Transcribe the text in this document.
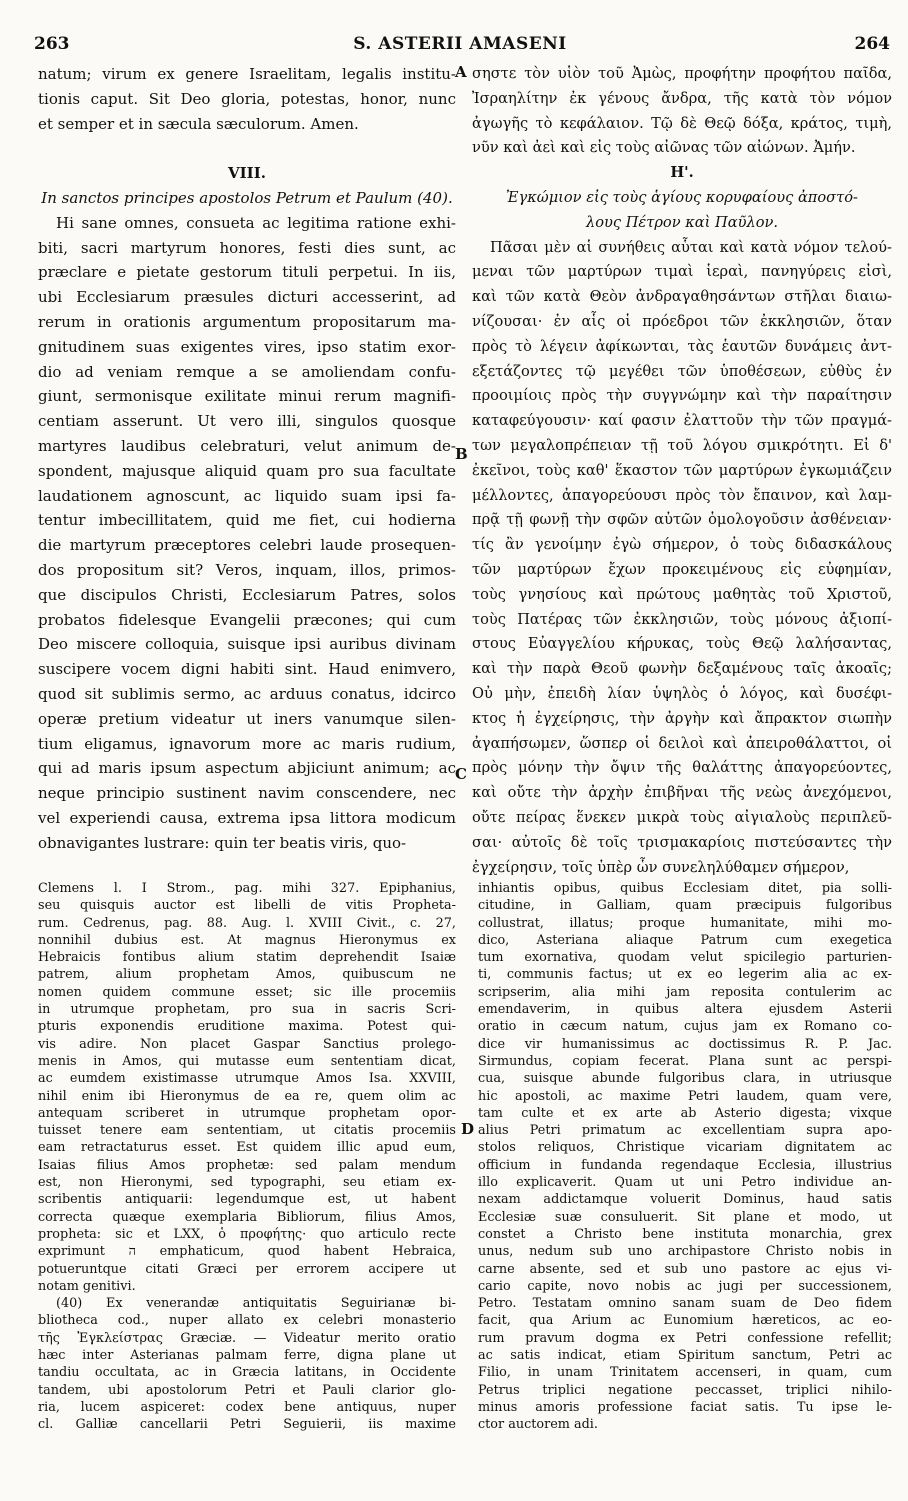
263	S. ASTERII AMASENI	264
natum; virum ex genere Israelitam, legalis institu-
tionis caput. Sit Deo gloria, potestas, honor, nunc
et semper et in sæcula sæculorum. Amen.
VIII.
In sanctos principes apostolos Petrum et Paulum (40).
Hi sane omnes, consueta ac legitima ratione exhi-
biti, sacri martyrum honores, festi dies sunt, ac
præclare e pietate gestorum tituli perpetui. In iis,
ubi Ecclesiarum præsules dicturi accesserint, ad
rerum in orationis argumentum propositarum ma-
gnitudinem suas exigentes vires, ipso statim exor-
dio ad veniam remque a se amoliendam confu-
giunt, sermonisque exilitate minui rerum magnifi-
centiam asserunt. Ut vero illi, singulos quosque
martyres laudibus celebraturi, velut animum de-
spondent, majusque aliquid quam pro sua facultate
laudationem agnoscunt, ac liquido suam ipsi fa-
tentur imbecillitatem, quid me fiet, cui hodierna
die martyrum præceptores celebri laude prosequen-
dos propositum sit? Veros, inquam, illos, primos-
que discipulos Christi, Ecclesiarum Patres, solos
probatos fidelesque Evangelii præcones; qui cum
Deo miscere colloquia, suisque ipsi auribus divinam
suscipere vocem digni habiti sint. Haud enimvero,
quod sit sublimis sermo, ac arduus conatus, idcirco
operæ pretium videatur ut iners vanumque silen-
tium eligamus, ignavorum more ac maris rudium,
qui ad maris ipsum aspectum abjiciunt animum; ac
neque principio sustinent navim conscendere, nec
vel experiendi causa, extrema ipsa littora modicum
obnavigantes lustrare: quin ter beatis viris, quo-
σηστε τὸν υἱὸν τοῦ Ἀμὼς, προφήτην προφήτου παῖδα,
Ἰσραηλίτην ἐκ γένους ἄνδρα, τῆς κατὰ τὸν νόμον
ἀγωγῆς τὸ κεφάλαιον. Τῷ δὲ Θεῷ δόξα, κράτος, τιμὴ,
νῦν καὶ ἀεὶ καὶ εἰς τοὺς αἰῶνας τῶν αἰώνων. Ἀμήν.
Η'.
Ἐγκώμιον εἰς τοὺς ἁγίους κορυφαίους ἀποστό-
λους Πέτρον καὶ Παῦλον.
Πᾶσαι μὲν αἱ συνήθεις αὗται καὶ κατὰ νόμον τελού-
μεναι τῶν μαρτύρων τιμαὶ ἱεραὶ, πανηγύρεις εἰσὶ,
καὶ τῶν κατὰ Θεὸν ἀνδραγαθησάντων στῆλαι διαιω-
νίζουσαι· ἐν αἷς οἱ πρόεδροι τῶν ἐκκλησιῶν, ὅταν
πρὸς τὸ λέγειν ἀφίκωνται, τὰς ἑαυτῶν δυνάμεις ἀντ-
εξετάζοντες τῷ μεγέθει τῶν ὑποθέσεων, εὐθὺς ἐν
προοιμίοις πρὸς τὴν συγγνώμην καὶ τὴν παραίτησιν
καταφεύγουσιν· καί φασιν ἐλαττοῦν τὴν τῶν πραγμά-
των μεγαλοπρέπειαν τῇ τοῦ λόγου σμικρότητι. Εἰ δ'
ἐκεῖνοι, τοὺς καθ' ἕκαστον τῶν μαρτύρων ἐγκωμιάζειν
μέλλοντες, ἀπαγορεύουσι πρὸς τὸν ἔπαινον, καὶ λαμ-
πρᾷ τῇ φωνῇ τὴν σφῶν αὐτῶν ὁμολογοῦσιν ἀσθένειαν·
τίς ἂν γενοίμην ἐγὼ σήμερον, ὁ τοὺς διδασκάλους
τῶν μαρτύρων ἔχων προκειμένους εἰς εὐφημίαν,
τοὺς γνησίους καὶ πρώτους μαθητὰς τοῦ Χριστοῦ,
τοὺς Πατέρας τῶν ἐκκλησιῶν, τοὺς μόνους ἀξιοπί-
στους Εὐαγγελίου κήρυκας, τοὺς Θεῷ λαλήσαντας,
καὶ τὴν παρὰ Θεοῦ φωνὴν δεξαμένους ταῖς ἀκοαῖς;
Οὐ μὴν, ἐπειδὴ λίαν ὑψηλὸς ὁ λόγος, καὶ δυσέφι-
κτος ἡ ἐγχείρησις, τὴν ἀργὴν καὶ ἄπρακτον σιωπὴν
ἀγαπήσωμεν, ὥσπερ οἱ δειλοὶ καὶ ἀπειροθάλαττοι, οἱ
πρὸς μόνην τὴν ὄψιν τῆς θαλάττης ἀπαγορεύοντες,
καὶ οὔτε τὴν ἀρχὴν ἐπιβῆναι τῆς νεὼς ἀνεχόμενοι,
οὔτε πείρας ἕνεκεν μικρὰ τοὺς αἰγιαλοὺς περιπλεῦ-
σαι· αὐτοῖς δὲ τοῖς τρισμακαρίοις πιστεύσαντες τὴν
ἐγχείρησιν, τοῖς ὑπὲρ ὧν συνεληλύθαμεν σήμερον,
A
B
C
D
Clemens l. I Strom., pag. mihi 327. Epiphanius,
seu quisquis auctor est libelli de vitis Propheta-
rum. Cedrenus, pag. 88. Aug. l. XVIII Civit., c. 27,
nonnihil dubius est. At magnus Hieronymus ex
Hebraicis fontibus alium statim deprehendit Isaiæ
patrem, alium prophetam Amos, quibuscum ne
nomen quidem commune esset; sic ille procemiis
in utrumque prophetam, pro sua in sacris Scri-
pturis exponendis eruditione maxima. Potest qui-
vis adire. Non placet Gaspar Sanctius prolego-
menis in Amos, qui mutasse eum sententiam dicat,
ac eumdem existimasse utrumque Amos Isa. XXVIII,
nihil enim ibi Hieronymus de ea re, quem olim ac
antequam scriberet in utrumque prophetam opor-
tuisset tenere eam sententiam, ut citatis procemiis
eam retractaturus esset. Est quidem illic apud eum,
Isaias filius Amos prophetæ: sed palam mendum
est, non Hieronymi, sed typographi, seu etiam ex-
scribentis antiquarii: legendumque est, ut habent
correcta quæque exemplaria Bibliorum, filius Amos,
propheta: sic et LXX, ὁ προφήτης· quo articulo recte
exprimunt ה emphaticum, quod habent Hebraica,
potueruntque citati Græci per errorem accipere ut
notam genitivi.
(40) Ex venerandæ antiquitatis Seguirianæ bi-
bliotheca cod., nuper allato ex celebri monasterio
τῆς Ἐγκλείστρας Græciæ. — Videatur merito oratio
hæc inter Asterianas palmam ferre, digna plane ut
tandiu occultata, ac in Græcia latitans, in Occidente
tandem, ubi apostolorum Petri et Pauli clarior glo-
ria, lucem aspiceret: codex bene antiquus, nuper
cl. Galliæ cancellarii Petri Seguierii, iis maxime
inhiantis opibus, quibus Ecclesiam ditet, pia solli-
citudine, in Galliam, quam præcipuis fulgoribus
collustrat, illatus; proque humanitate, mihi mo-
dico, Asteriana aliaque Patrum cum exegetica
tum exornativa, quodam velut spicilegio parturien-
ti, communis factus; ut ex eo legerim alia ac ex-
scripserim, alia mihi jam reposita contulerim ac
emendaverim, in quibus altera ejusdem Asterii
oratio in cæcum natum, cujus jam ex Romano co-
dice vir humanissimus ac doctissimus R. P. Jac.
Sirmundus, copiam fecerat. Plana sunt ac perspi-
cua, suisque abunde fulgoribus clara, in utriusque
hic apostoli, ac maxime Petri laudem, quam vere,
tam culte et ex arte ab Asterio digesta; vixque
alius Petri primatum ac excellentiam supra apo-
stolos reliquos, Christique vicariam dignitatem ac
officium in fundanda regendaque Ecclesia, illustrius
illo explicaverit. Quam ut uni Petro individue an-
nexam addictamque voluerit Dominus, haud satis
Ecclesiæ suæ consuluerit. Sit plane et modo, ut
constet a Christo bene instituta monarchia, grex
unus, nedum sub uno archipastore Christo nobis in
carne absente, sed et sub uno pastore ac ejus vi-
cario capite, novo nobis ac jugi per successionem,
Petro. Testatam omnino sanam suam de Deo fidem
facit, qua Arium ac Eunomium hæreticos, ac eo-
rum pravum dogma ex Petri confessione refellit;
ac satis indicat, etiam Spiritum sanctum, Petri ac
Filio, in unam Trinitatem accenseri, in quam, cum
Petrus triplici negatione peccasset, triplici nihilo-
minus amoris professione faciat satis. Tu ipse le-
ctor auctorem adi.
